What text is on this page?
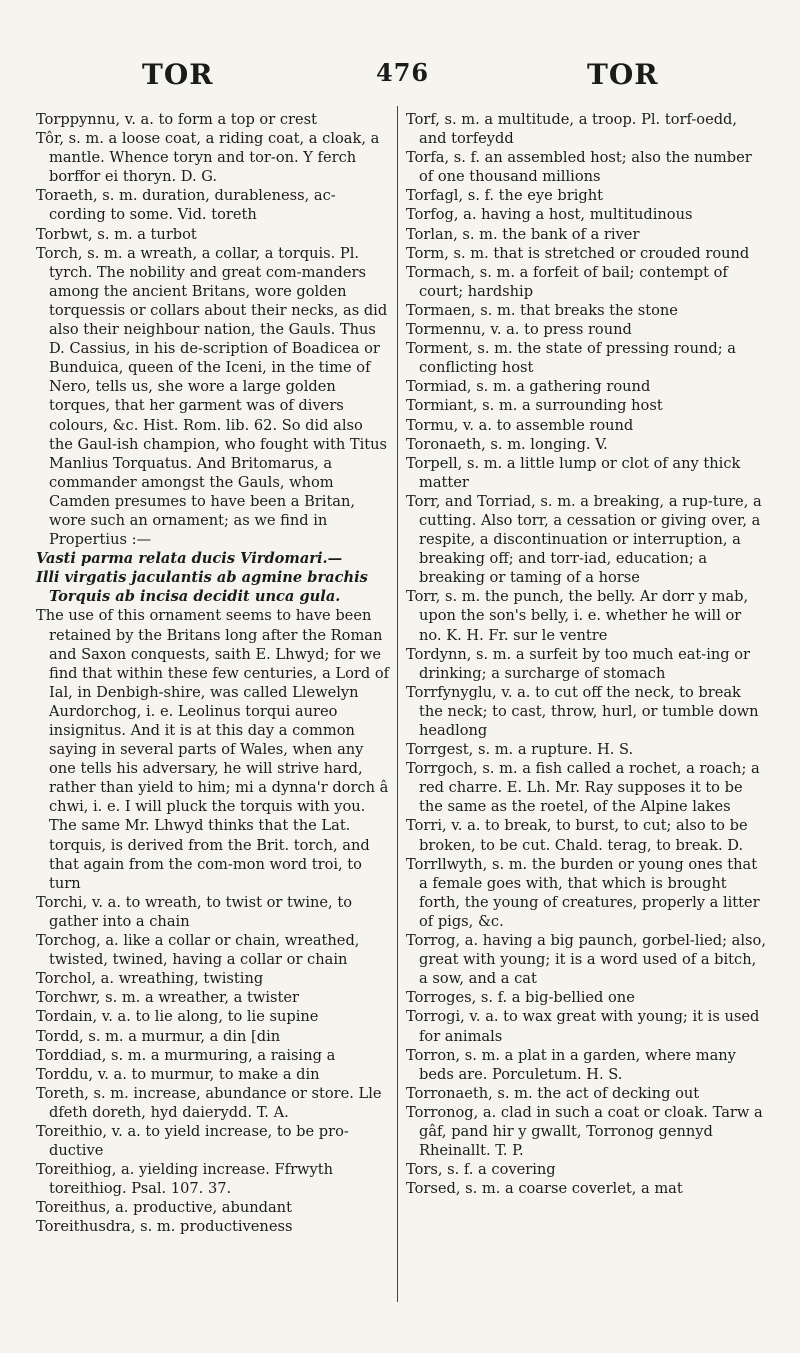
TOR	476	TOR

Torppynnu, v. a. to form a top or crest

Tôr, s. m. a loose coat, a riding coat, a cloak, a mantle. Whence toryn and tor-on. Y ferch borffor ei thoryn. D. G.

Toraeth, s. m. duration, durableness, ac-cording to some. Vid. toreth

Torbwt, s. m. a turbot

Torch, s. m. a wreath, a collar, a torquis. Pl. tyrch. The nobility and great com-manders among the ancient Britans, wore golden torquessis or collars about their necks, as did also their neighbour nation, the Gauls. Thus D. Cassius, in his de-scription of Boadicea or Bunduica, queen of the Iceni, in the time of Nero, tells us, she wore a large golden torques, that her garment was of divers colours, &c. Hist. Rom. lib. 62. So did also the Gaul-ish champion, who fought with Titus Manlius Torquatus. And Britomarus, a commander amongst the Gauls, whom Camden presumes to have been a Britan, wore such an ornament; as we find in Propertius :—

Vasti parma relata ducis Virdomari.—

Illi virgatis jaculantis ab agmine brachis Torquis ab incisa decidit unca gula.

The use of this ornament seems to have been retained by the Britans long after the Roman and Saxon conquests, saith E. Lhwyd; for we find that within these few centuries, a Lord of Ial, in Denbigh-shire, was called Llewelyn Aurdorchog, i. e. Leolinus torqui aureo insignitus. And it is at this day a common saying in several parts of Wales, when any one tells his adversary, he will strive hard, rather than yield to him; mi a dynna'r dorch â chwi, i. e. I will pluck the torquis with you. The same Mr. Lhwyd thinks that the Lat. torquis, is derived from the Brit. torch, and that again from the com-mon word troi, to turn

Torchi, v. a. to wreath, to twist or twine, to gather into a chain

Torchog, a. like a collar or chain, wreathed, twisted, twined, having a collar or chain

Torchol, a. wreathing, twisting

Torchwr, s. m. a wreather, a twister

Tordain, v. a. to lie along, to lie supine

Tordd, s. m. a murmur, a din [din

Torddiad, s. m. a murmuring, a raising a

Torddu, v. a. to murmur, to make a din

Toreth, s. m. increase, abundance or store. Lle dfeth doreth, hyd daierydd. T. A.

Toreithio, v. a. to yield increase, to be pro-ductive

Toreithiog, a. yielding increase. Ffrwyth toreithiog. Psal. 107. 37.

Toreithus, a. productive, abundant

Toreithusdra, s. m. productiveness

Torf, s. m. a multitude, a troop. Pl. torf-oedd, and torfeydd

Torfa, s. f. an assembled host; also the number of one thousand millions

Torfagl, s. f. the eye bright

Torfog, a. having a host, multitudinous

Torlan, s. m. the bank of a river

Torm, s. m. that is stretched or crouded round

Tormach, s. m. a forfeit of bail; contempt of court; hardship

Tormaen, s. m. that breaks the stone

Tormennu, v. a. to press round

Torment, s. m. the state of pressing round; a conflicting host

Tormiad, s. m. a gathering round

Tormiant, s. m. a surrounding host

Tormu, v. a. to assemble round

Toronaeth, s. m. longing. V.

Torpell, s. m. a little lump or clot of any thick matter

Torr, and Torriad, s. m. a breaking, a rup-ture, a cutting. Also torr, a cessation or giving over, a respite, a discontinuation or interruption, a breaking off; and torr-iad, education; a breaking or taming of a horse

Torr, s. m. the punch, the belly. Ar dorr y mab, upon the son's belly, i. e. whether he will or no. K. H. Fr. sur le ventre

Tordynn, s. m. a surfeit by too much eat-ing or drinking; a surcharge of stomach

Torrfynyglu, v. a. to cut off the neck, to break the neck; to cast, throw, hurl, or tumble down headlong

Torrgest, s. m. a rupture. H. S.

Torrgoch, s. m. a fish called a rochet, a roach; a red charre. E. Lh. Mr. Ray supposes it to be the same as the roetel, of the Alpine lakes

Torri, v. a. to break, to burst, to cut; also to be broken, to be cut. Chald. terag, to break. D.

Torrllwyth, s. m. the burden or young ones that a female goes with, that which is brought forth, the young of creatures, properly a litter of pigs, &c.

Torrog, a. having a big paunch, gorbel-lied; also, great with young; it is a word used of a bitch, a sow, and a cat

Torroges, s. f. a big-bellied one

Torrogi, v. a. to wax great with young; it is used for animals

Torron, s. m. a plat in a garden, where many beds are. Porculetum. H. S.

Torronaeth, s. m. the act of decking out

Torronog, a. clad in such a coat or cloak. Tarw a gâf, pand hir y gwallt, Torronog gennyd Rheinallt. T. P.

Tors, s. f. a covering

Torsed, s. m. a coarse coverlet, a mat
